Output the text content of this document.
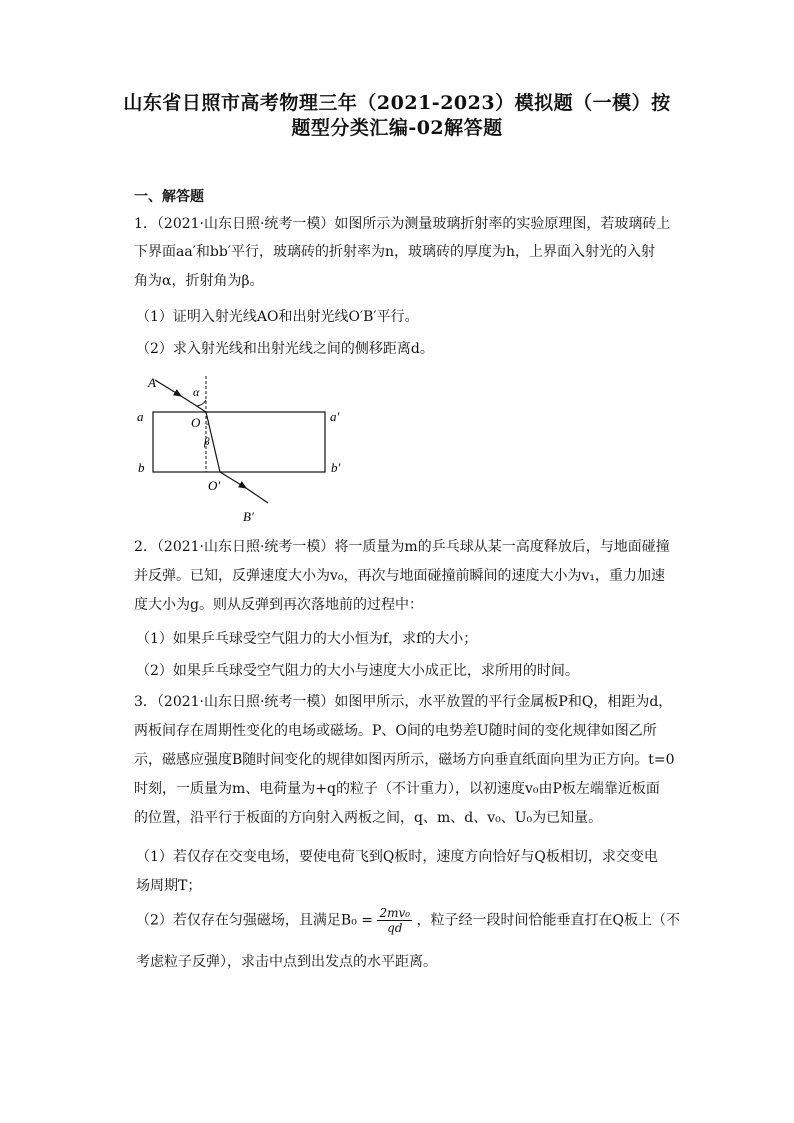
山东省日照市高考物理三年（2021-2023）模拟题（一模）按
题型分类汇编-02解答题
一、解答题
1．（2021·山东日照·统考一模）如图所示为测量玻璃折射率的实验原理图，若玻璃砖上
下界面aa′和bb′平行，玻璃砖的折射率为n，玻璃砖的厚度为h，上界面入射光的入射
角为α，折射角为β。
（1）证明入射光线AO和出射光线O′B′平行。
（2）求入射光线和出射光线之间的侧移距离d。
A
α
a	O
β
a′
b	b′
O′
B′
2．（2021·山东日照·统考一模）将一质量为m的乒乓球从某一高度释放后，与地面碰撞
并反弹。已知，反弹速度大小为v₀，再次与地面碰撞前瞬间的速度大小为v₁，重力加速
度大小为g。则从反弹到再次落地前的过程中：
（1）如果乒乓球受空气阻力的大小恒为f，求f的大小；
（2）如果乒乓球受空气阻力的大小与速度大小成正比，求所用的时间。
3．（2021·山东日照·统考一模）如图甲所示，水平放置的平行金属板P和Q，相距为d，
两板间存在周期性变化的电场或磁场。P、O间的电势差U随时间的变化规律如图乙所
示，磁感应强度B随时间变化的规律如图丙所示，磁场方向垂直纸面向里为正方向。t=0
时刻，一质量为m、电荷量为+q的粒子（不计重力），以初速度v₀由P板左端靠近板面
的位置，沿平行于板面的方向射入两板之间，q、m、d、v₀、U₀为已知量。
（1）若仅存在交变电场，要使电荷飞到Q板时，速度方向恰好与Q板相切，求交变电
场周期T；
（2）若仅存在匀强磁场，且满足$B_0 = \frac{\text{2mv₀}}{qd}$ ，粒子经一段时间恰能垂直打在Q板上（不
考虑粒子反弹），求击中点到出发点的水平距离。
